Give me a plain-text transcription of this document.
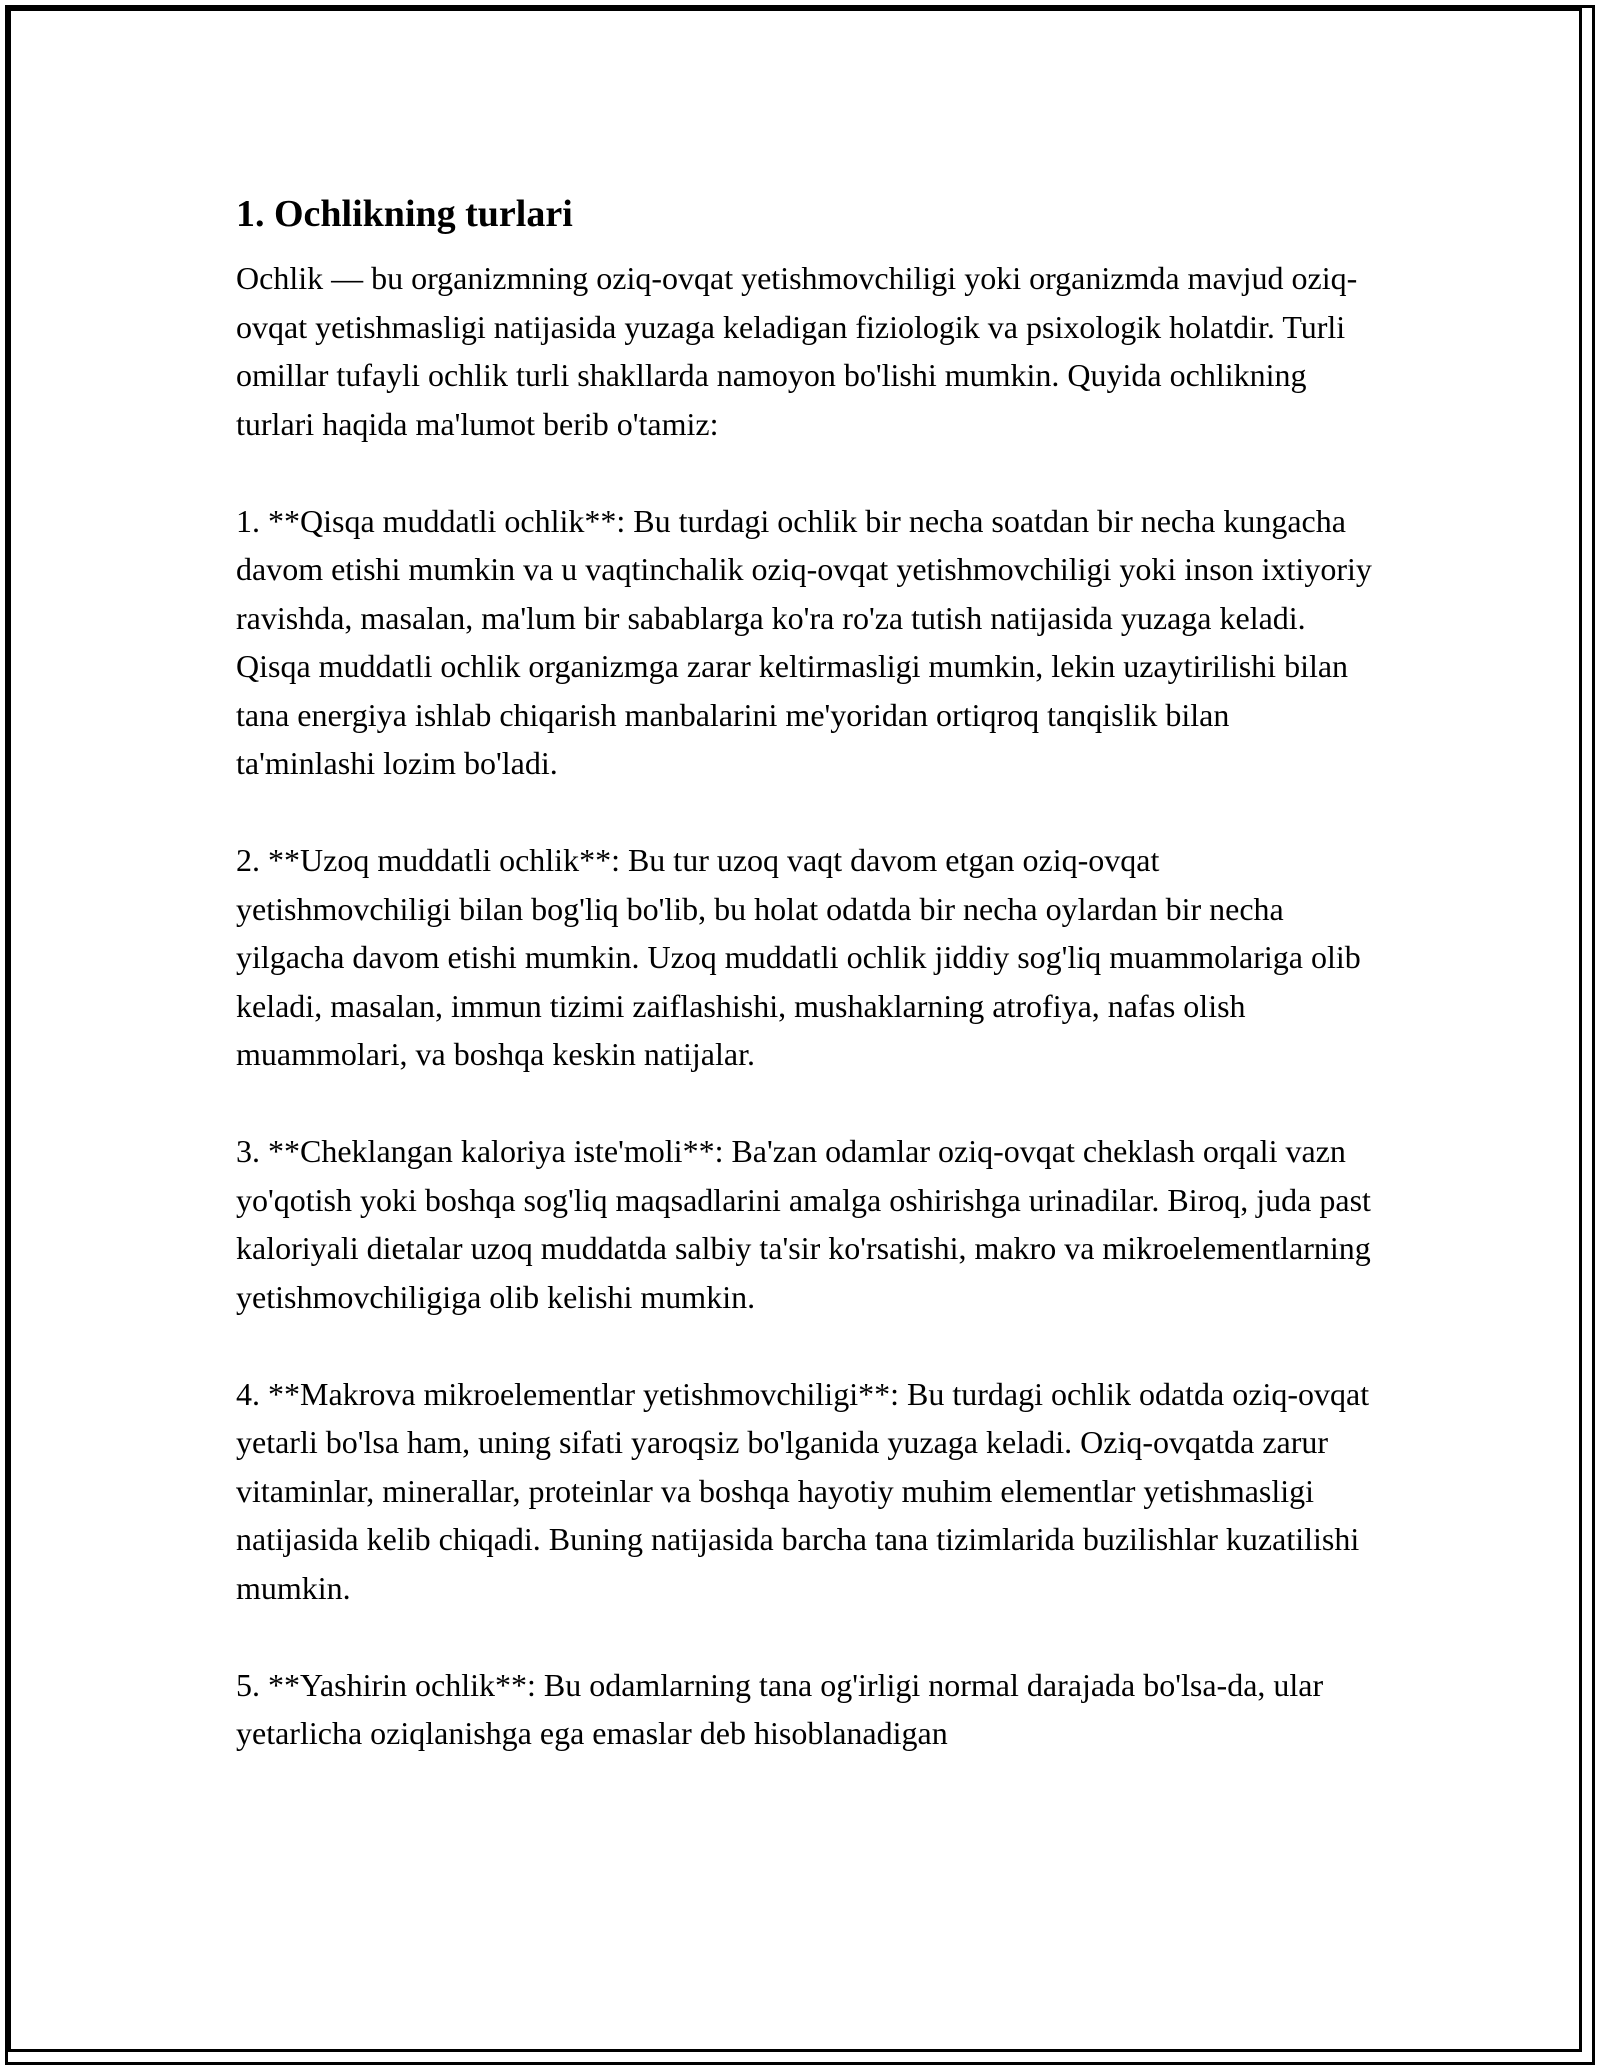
1. Ochlikning turlari

Ochlik — bu organizmning oziq-ovqat yetishmovchiligi yoki organizmda mavjud oziq-ovqat yetishmasligi natijasida yuzaga keladigan fiziologik va psixologik holatdir. Turli omillar tufayli ochlik turli shakllarda namoyon bo'lishi mumkin. Quyida ochlikning turlari haqida ma'lumot berib o'tamiz:

1. **Qisqa muddatli ochlik**: Bu turdagi ochlik bir necha soatdan bir necha kungacha davom etishi mumkin va u vaqtinchalik oziq-ovqat yetishmovchiligi yoki inson ixtiyoriy ravishda, masalan, ma'lum bir sabablarga ko'ra ro'za tutish natijasida yuzaga keladi. Qisqa muddatli ochlik organizmga zarar keltirmasligi mumkin, lekin uzaytirilishi bilan tana energiya ishlab chiqarish manbalarini me'yoridan ortiqroq tanqislik bilan ta'minlashi lozim bo'ladi.

2. **Uzoq muddatli ochlik**: Bu tur uzoq vaqt davom etgan oziq-ovqat yetishmovchiligi bilan bog'liq bo'lib, bu holat odatda bir necha oylardan bir necha yilgacha davom etishi mumkin. Uzoq muddatli ochlik jiddiy sog'liq muammolariga olib keladi, masalan, immun tizimi zaiflashishi, mushaklarning atrofiya, nafas olish muammolari, va boshqa keskin natijalar.

3. **Cheklangan kaloriya iste'moli**: Ba'zan odamlar oziq-ovqat cheklash orqali vazn yo'qotish yoki boshqa sog'liq maqsadlarini amalga oshirishga urinadilar. Biroq, juda past kaloriyali dietalar uzoq muddatda salbiy ta'sir ko'rsatishi, makro va mikroelementlarning yetishmovchiligiga olib kelishi mumkin.

4. **Makrova mikroelementlar yetishmovchiligi**: Bu turdagi ochlik odatda oziq-ovqat yetarli bo'lsa ham, uning sifati yaroqsiz bo'lganida yuzaga keladi. Oziq-ovqatda zarur vitaminlar, minerallar, proteinlar va boshqa hayotiy muhim elementlar yetishmasligi natijasida kelib chiqadi. Buning natijasida barcha tana tizimlarida buzilishlar kuzatilishi mumkin.

5. **Yashirin ochlik**: Bu odamlarning tana og'irligi normal darajada bo'lsa-da, ular yetarlicha oziqlanishga ega emaslar deb hisoblanadigan
